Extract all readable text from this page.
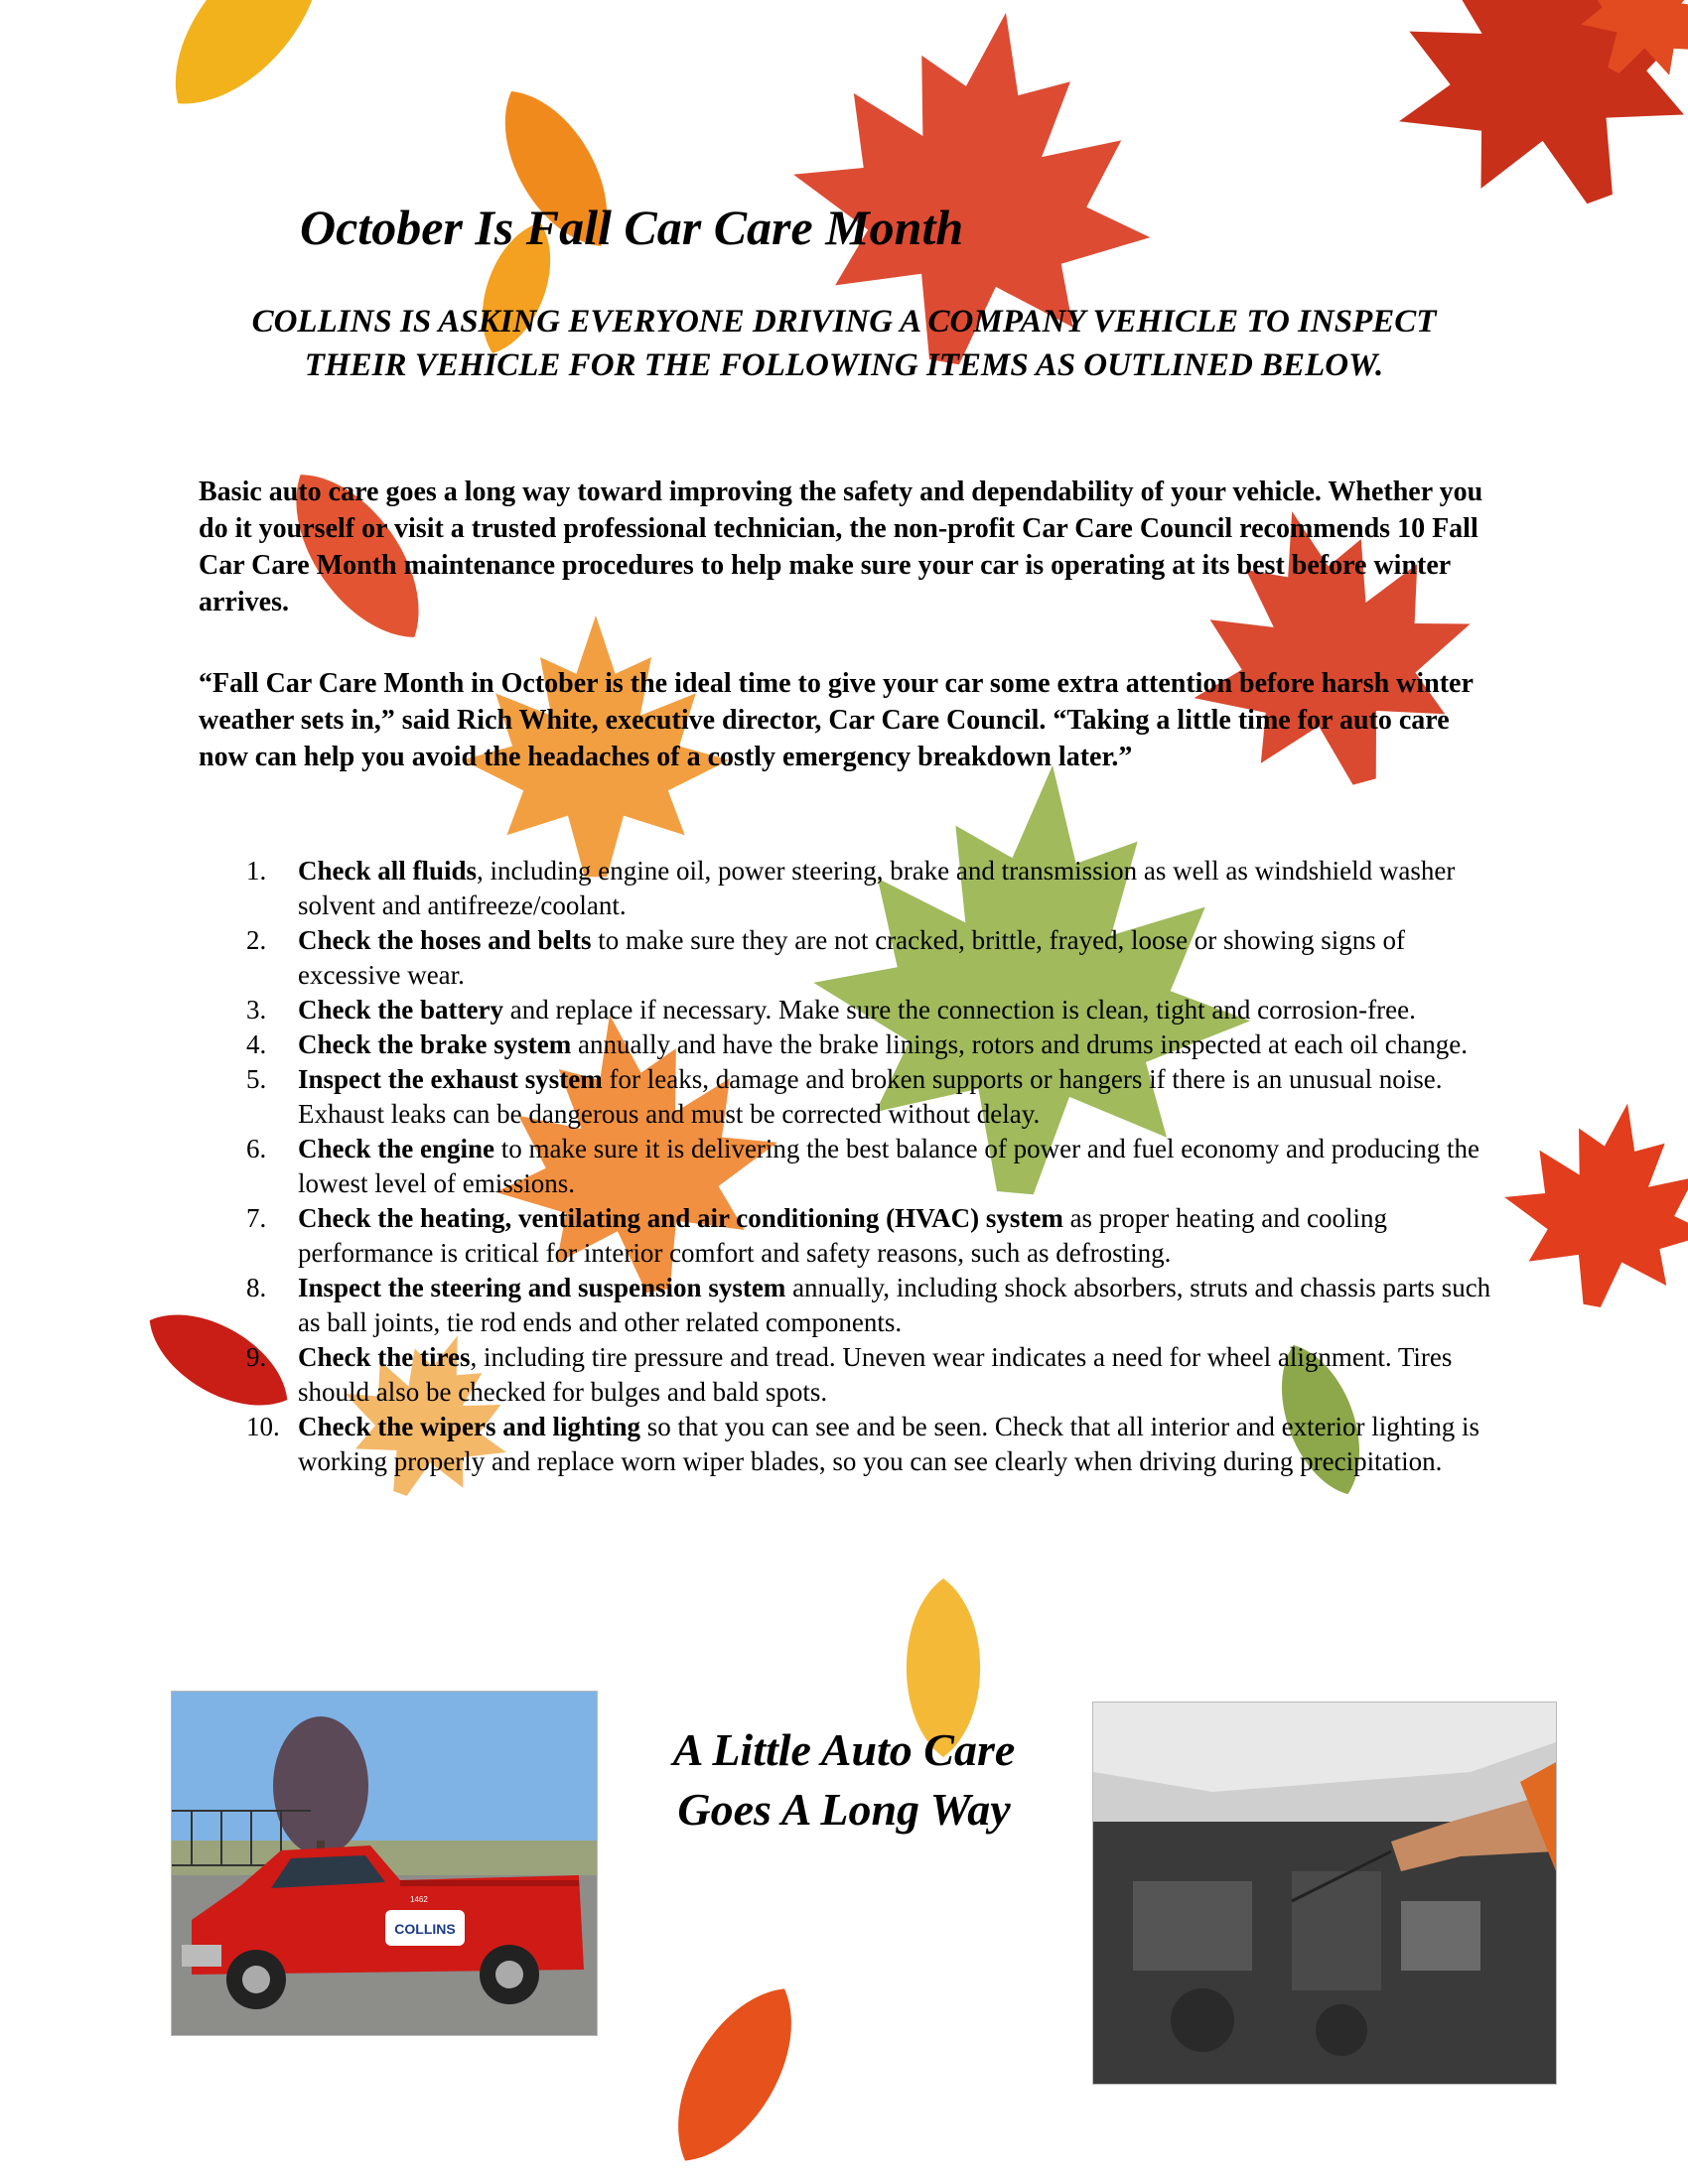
October Is Fall Car Care Month

COLLINS IS ASKING EVERYONE DRIVING A COMPANY VEHICLE TO INSPECT THEIR VEHICLE FOR THE FOLLOWING ITEMS AS OUTLINED BELOW.

Basic auto care goes a long way toward improving the safety and dependability of your vehicle. Whether you do it yourself or visit a trusted professional technician, the non-profit Car Care Council recommends 10 Fall Car Care Month maintenance procedures to help make sure your car is operating at its best before winter arrives.

“Fall Car Care Month in October is the ideal time to give your car some extra attention before harsh winter weather sets in,” said Rich White, executive director, Car Care Council. “Taking a little time for auto care now can help you avoid the headaches of a costly emergency breakdown later.”

1. Check all fluids, including engine oil, power steering, brake and transmission as well as windshield washer solvent and antifreeze/coolant.
2. Check the hoses and belts to make sure they are not cracked, brittle, frayed, loose or showing signs of excessive wear.
3. Check the battery and replace if necessary. Make sure the connection is clean, tight and corrosion-free.
4. Check the brake system annually and have the brake linings, rotors and drums inspected at each oil change.
5. Inspect the exhaust system for leaks, damage and broken supports or hangers if there is an unusual noise. Exhaust leaks can be dangerous and must be corrected without delay.
6. Check the engine to make sure it is delivering the best balance of power and fuel economy and producing the lowest level of emissions.
7. Check the heating, ventilating and air conditioning (HVAC) system as proper heating and cooling performance is critical for interior comfort and safety reasons, such as defrosting.
8. Inspect the steering and suspension system annually, including shock absorbers, struts and chassis parts such as ball joints, tie rod ends and other related components.
9. Check the tires, including tire pressure and tread. Uneven wear indicates a need for wheel alignment. Tires should also be checked for bulges and bald spots.
10. Check the wipers and lighting so that you can see and be seen. Check that all interior and exterior lighting is working properly and replace worn wiper blades, so you can see clearly when driving during precipitation.
COLLINS
1462

A Little Auto Care
Goes A Long Way
